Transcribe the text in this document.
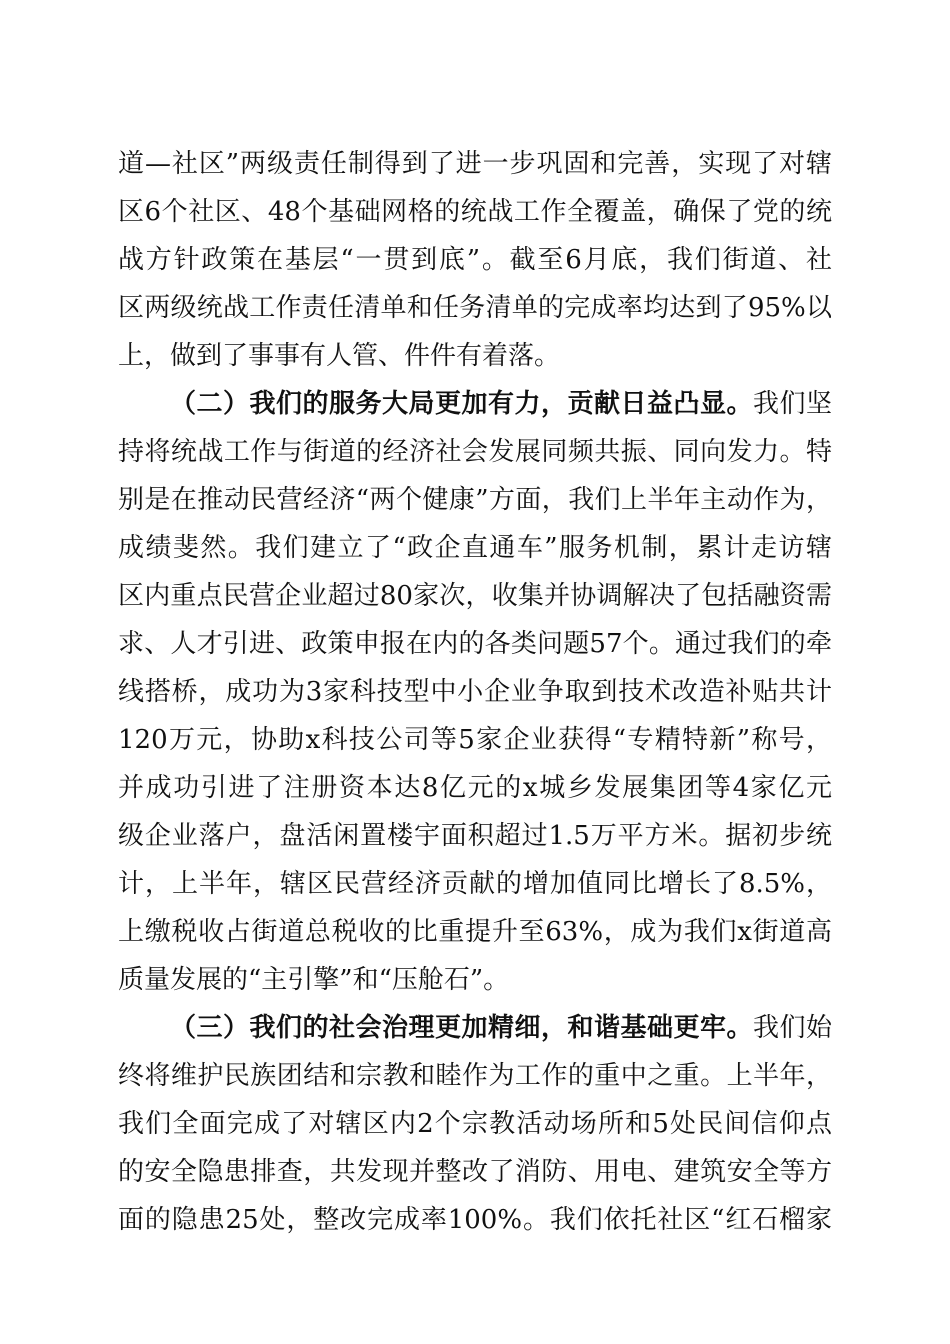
道—社区”两级责任制得到了进一步巩固和完善，实现了对辖
区6个社区、48个基础网格的统战工作全覆盖，确保了党的统
战方针政策在基层“一贯到底”。截至6月底，我们街道、社
区两级统战工作责任清单和任务清单的完成率均达到了95%以
上，做到了事事有人管、件件有着落。
（二）我们的服务大局更加有力，贡献日益凸显。我们坚
持将统战工作与街道的经济社会发展同频共振、同向发力。特
别是在推动民营经济“两个健康”方面，我们上半年主动作为，
成绩斐然。我们建立了“政企直通车”服务机制，累计走访辖
区内重点民营企业超过80家次，收集并协调解决了包括融资需
求、人才引进、政策申报在内的各类问题57个。通过我们的牵
线搭桥，成功为3家科技型中小企业争取到技术改造补贴共计
120万元，协助x科技公司等5家企业获得“专精特新”称号，
并成功引进了注册资本达8亿元的x城乡发展集团等4家亿元
级企业落户，盘活闲置楼宇面积超过1.5万平方米。据初步统
计，上半年，辖区民营经济贡献的增加值同比增长了8.5%，
上缴税收占街道总税收的比重提升至63%，成为我们x街道高
质量发展的“主引擎”和“压舱石”。
（三）我们的社会治理更加精细，和谐基础更牢。我们始
终将维护民族团结和宗教和睦作为工作的重中之重。上半年，
我们全面完成了对辖区内2个宗教活动场所和5处民间信仰点
的安全隐患排查，共发现并整改了消防、用电、建筑安全等方
面的隐患25处，整改完成率100%。我们依托社区“红石榴家
